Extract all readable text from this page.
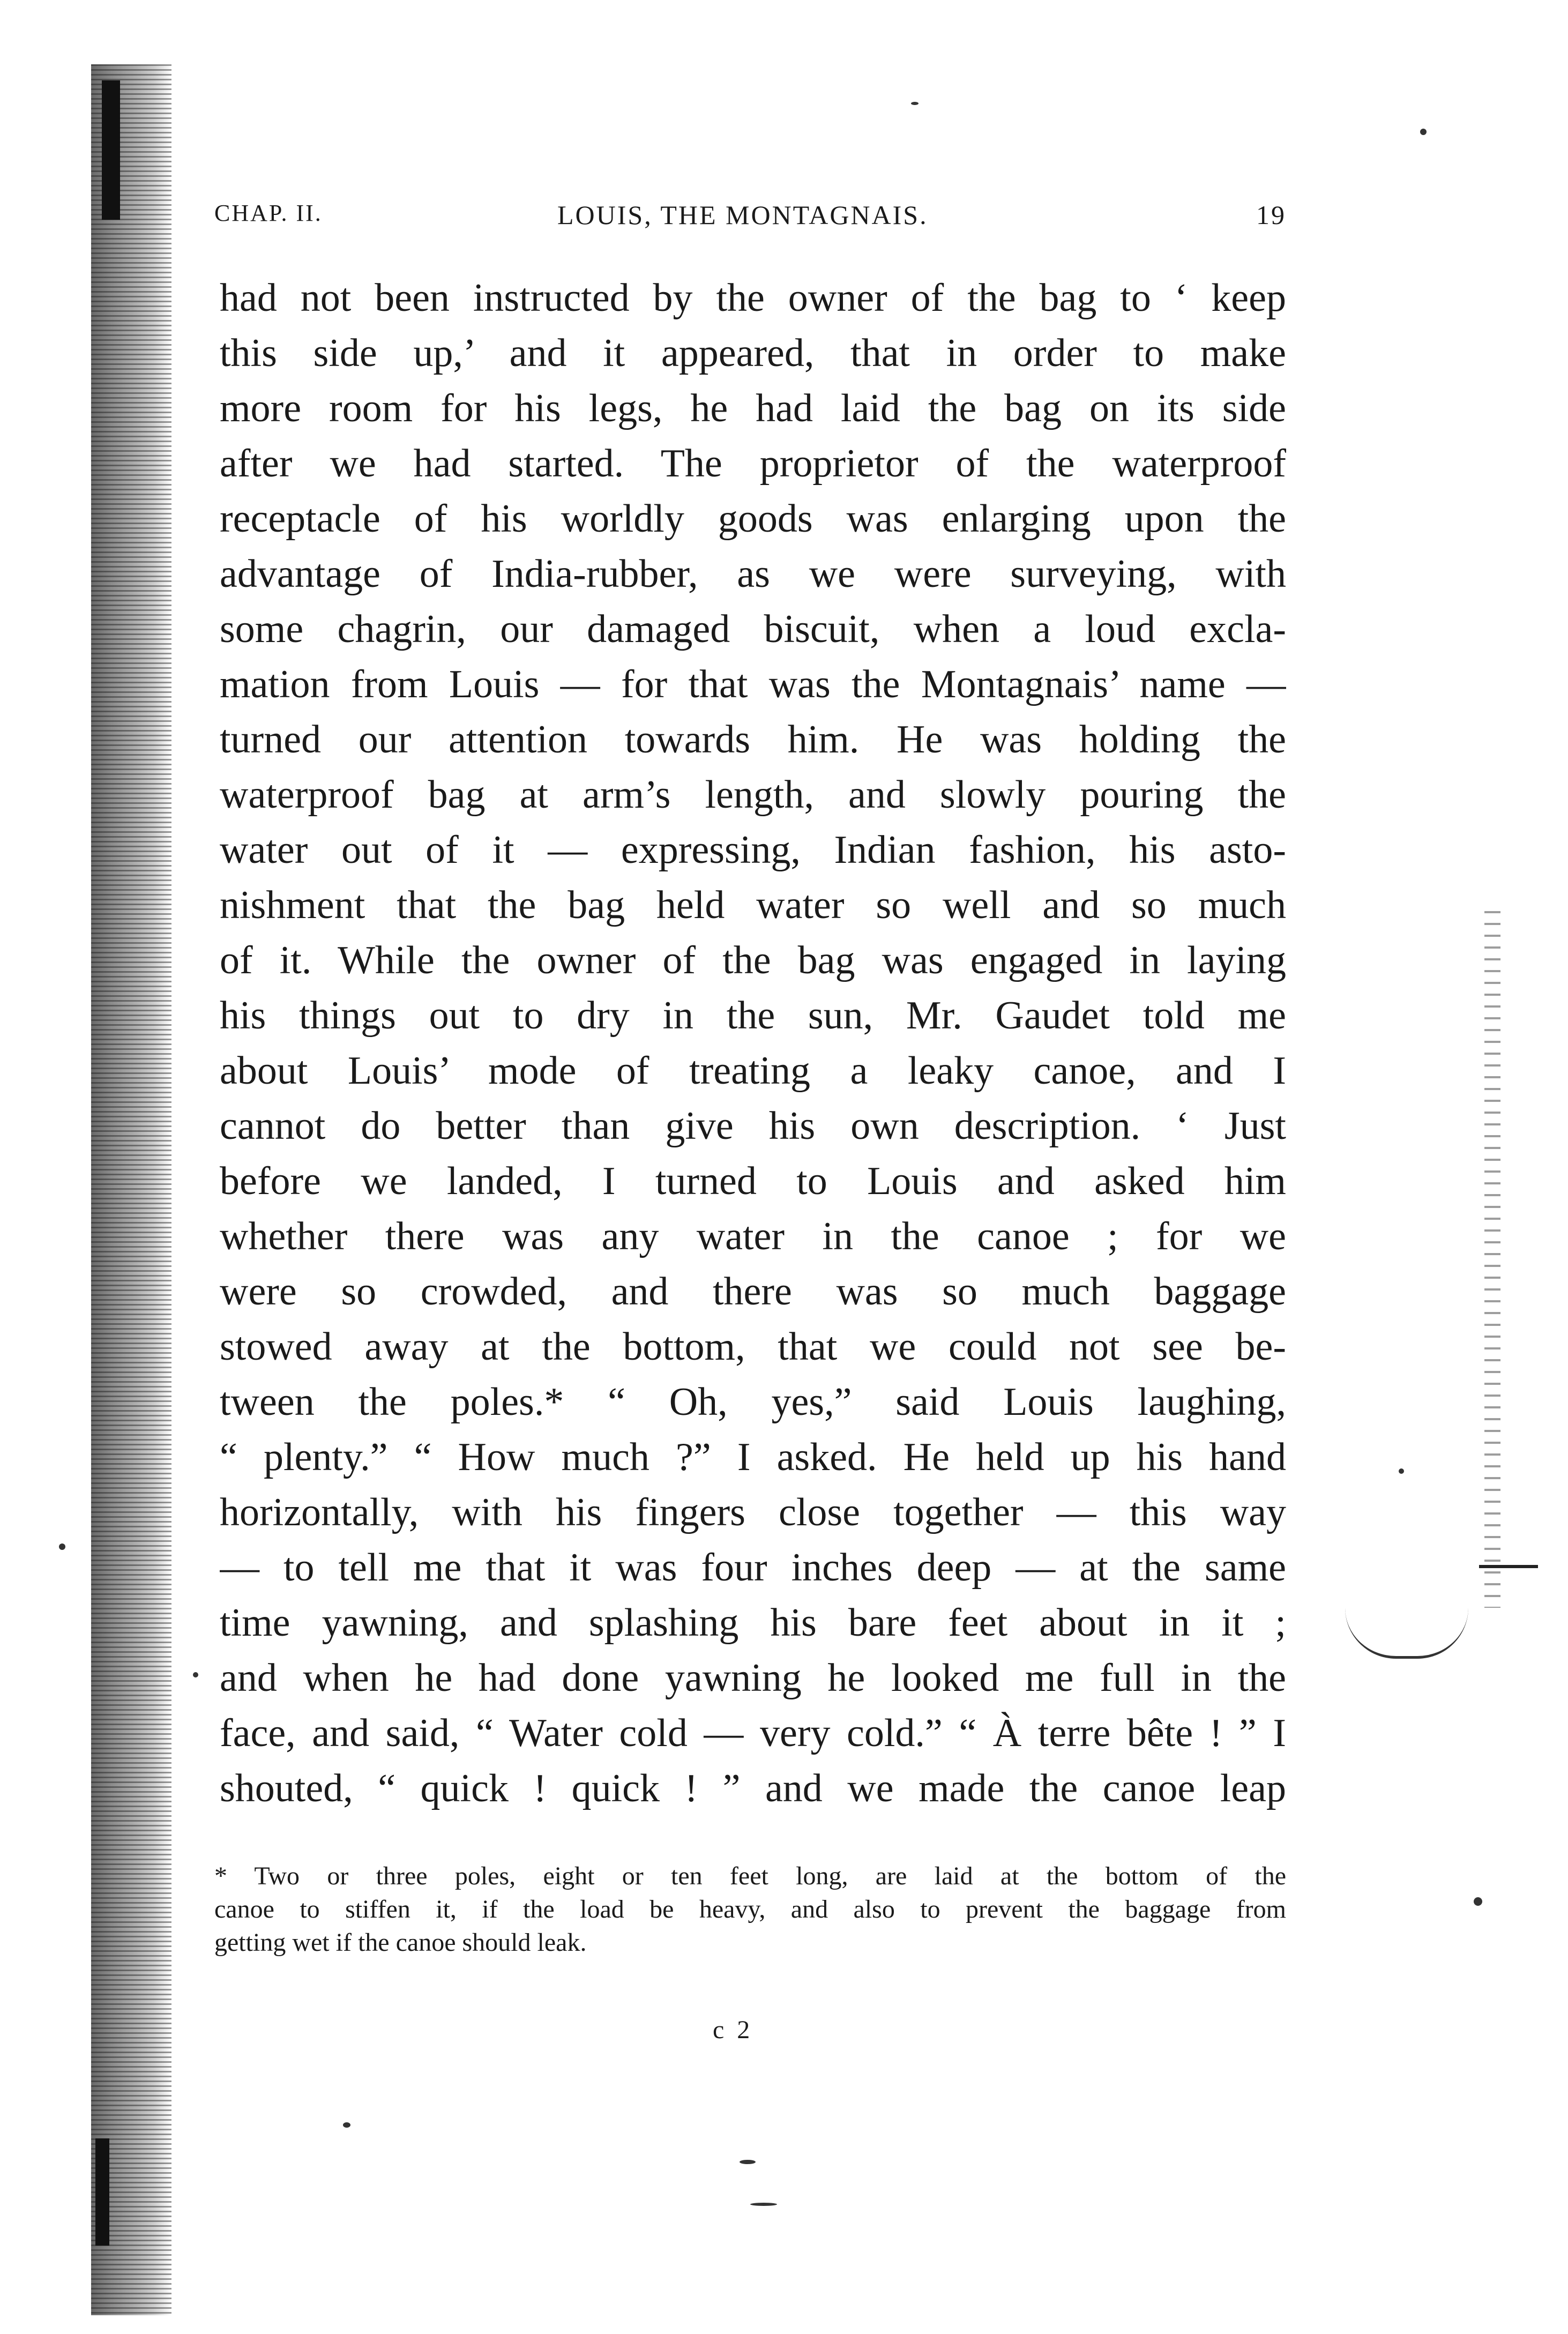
CHAP. II.	LOUIS, THE MONTAGNAIS.	19
had not been instructed by the owner of the bag to ‘ keep
this side up,’ and it appeared, that in order to make
more room for his legs, he had laid the bag on its side
after we had started. The proprietor of the waterproof
receptacle of his worldly goods was enlarging upon the
advantage of India-rubber, as we were surveying, with
some chagrin, our damaged biscuit, when a loud excla-
mation from Louis — for that was the Montagnais’ name —
turned our attention towards him. He was holding the
waterproof bag at arm’s length, and slowly pouring the
water out of it — expressing, Indian fashion, his asto-
nishment that the bag held water so well and so much
of it. While the owner of the bag was engaged in laying
his things out to dry in the sun, Mr. Gaudet told me
about Louis’ mode of treating a leaky canoe, and I
cannot do better than give his own description. ‘ Just
before we landed, I turned to Louis and asked him
whether there was any water in the canoe ; for we
were so crowded, and there was so much baggage
stowed away at the bottom, that we could not see be-
tween the poles.* “ Oh, yes,” said Louis laughing,
“ plenty.” “ How much ?” I asked. He held up his hand
horizontally, with his fingers close together — this way
— to tell me that it was four inches deep — at the same
time yawning, and splashing his bare feet about in it ;
and when he had done yawning he looked me full in the
face, and said, “ Water cold — very cold.” “ À terre bête ! ” I
shouted, “ quick ! quick ! ” and we made the canoe leap
* Two or three poles, eight or ten feet long, are laid at the bottom of the
canoe to stiffen it, if the load be heavy, and also to prevent the baggage from
getting wet if the canoe should leak.
c 2
